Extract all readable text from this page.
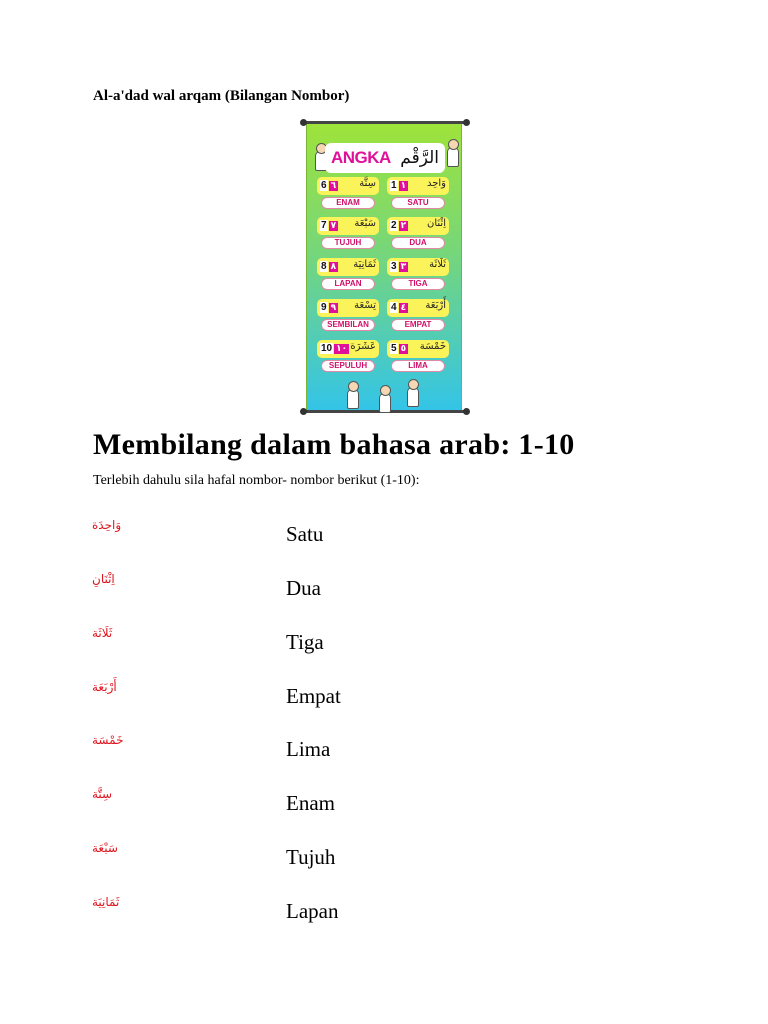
Al-a'dad wal arqam (Bilangan Nombor)
ANGKA الرَّقْم
6 ٦ سِتَّة
ENAM
1 ١ وَاحِد
SATU
7 ٧ سَبْعَة
TUJUH
2 ٢ اِثْنَان
DUA
8 ٨ ثَمَانِيَة
LAPAN
3 ٣ ثَلَاثَة
TIGA
9 ٩ تِسْعَة
SEMBILAN
4 ٤ أَرْبَعَة
EMPAT
10 ١٠ عَشَرَة
SEPULUH
5 ٥ خَمْسَة
LIMA
Membilang dalam bahasa arab: 1-10
Terlebih dahulu sila hafal nombor- nombor berikut (1-10):
وَاحِدَة	Satu
اِثْنَانِ	Dua
ثَلَاثَة	Tiga
أَرْبَعَة	Empat
خَمْسَة	Lima
سِتَّة	Enam
سَبْعَة	Tujuh
ثَمَانِيَة	Lapan
